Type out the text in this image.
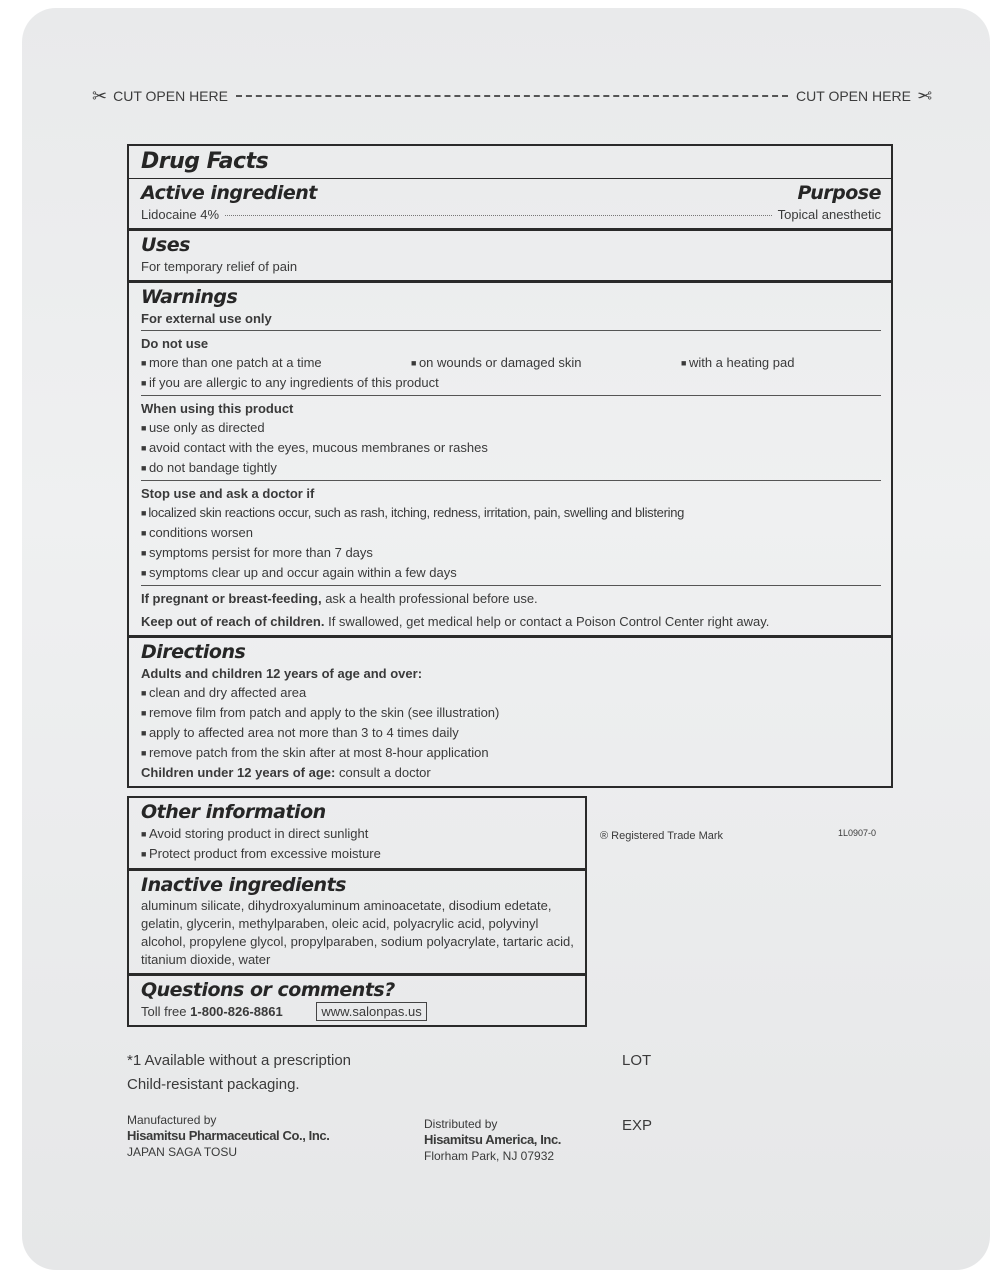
✂ CUT OPEN HERE	CUT OPEN HERE ✂
Drug Facts
Active ingredient	Purpose
Lidocaine 4%	Topical anesthetic
Uses
For temporary relief of pain
Warnings
For external use only
Do not use
■ more than one patch at a time	■ on wounds or damaged skin	■ with a heating pad
■ if you are allergic to any ingredients of this product
When using this product
■ use only as directed
■ avoid contact with the eyes, mucous membranes or rashes
■ do not bandage tightly
Stop use and ask a doctor if
■ localized skin reactions occur, such as rash, itching, redness, irritation, pain, swelling and blistering
■ conditions worsen
■ symptoms persist for more than 7 days
■ symptoms clear up and occur again within a few days
If pregnant or breast-feeding, ask a health professional before use.
Keep out of reach of children. If swallowed, get medical help or contact a Poison Control Center right away.
Directions
Adults and children 12 years of age and over:
■ clean and dry affected area
■ remove film from patch and apply to the skin (see illustration)
■ apply to affected area not more than 3 to 4 times daily
■ remove patch from the skin after at most 8-hour application
Children under 12 years of age: consult a doctor
Other information
■ Avoid storing product in direct sunlight
■ Protect product from excessive moisture
Inactive ingredients
aluminum silicate, dihydroxyaluminum aminoacetate, disodium edetate, gelatin, glycerin, methylparaben, oleic acid, polyacrylic acid, polyvinyl alcohol, propylene glycol, propylparaben, sodium polyacrylate, tartaric acid, titanium dioxide, water
Questions or comments?
Toll free 1-800-826-8861	www.salonpas.us
® Registered Trade Mark	1L0907-0
*1 Available without a prescription
Child-resistant packaging.
LOT
EXP
Manufactured by
Hisamitsu Pharmaceutical Co., Inc.
JAPAN SAGA TOSU
Distributed by
Hisamitsu America, Inc.
Florham Park, NJ 07932
